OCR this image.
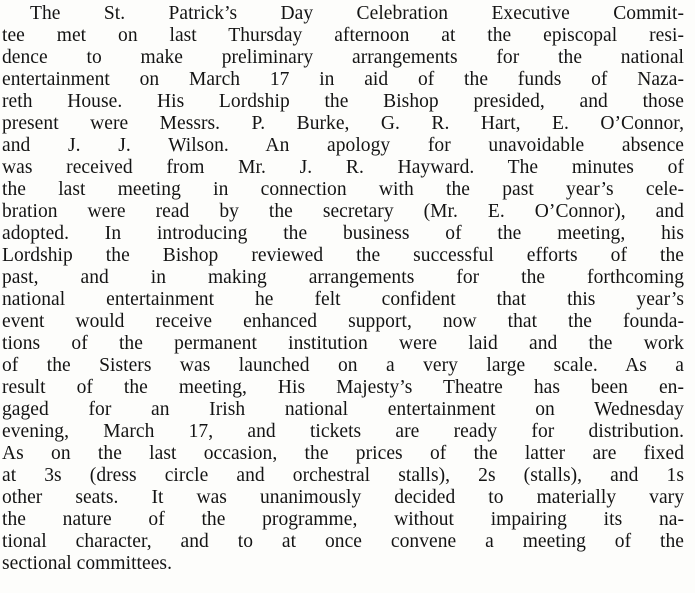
The St. Patrick’s Day Celebration Executive Commit-
tee met on last Thursday afternoon at the episcopal resi-
dence to make preliminary arrangements for the national
entertainment on March 17 in aid of the funds of Naza-
reth House. His Lordship the Bishop presided, and those
present were Messrs. P. Burke, G. R. Hart, E. O’Connor,
and J. J. Wilson. An apology for unavoidable absence
was received from Mr. J. R. Hayward. The minutes of
the last meeting in connection with the past year’s cele-
bration were read by the secretary (Mr. E. O’Connor), and
adopted. In introducing the business of the meeting, his
Lordship the Bishop reviewed the successful efforts of the
past, and in making arrangements for the forthcoming
national entertainment he felt confident that this year’s
event would receive enhanced support, now that the founda-
tions of the permanent institution were laid and the work
of the Sisters was launched on a very large scale. As a
result of the meeting, His Majesty’s Theatre has been en-
gaged for an Irish national entertainment on Wednesday
evening, March 17, and tickets are ready for distribution.
As on the last occasion, the prices of the latter are fixed
at 3s (dress circle and orchestral stalls), 2s (stalls), and 1s
other seats. It was unanimously decided to materially vary
the nature of the programme, without impairing its na-
tional character, and to at once convene a meeting of the
sectional committees.
